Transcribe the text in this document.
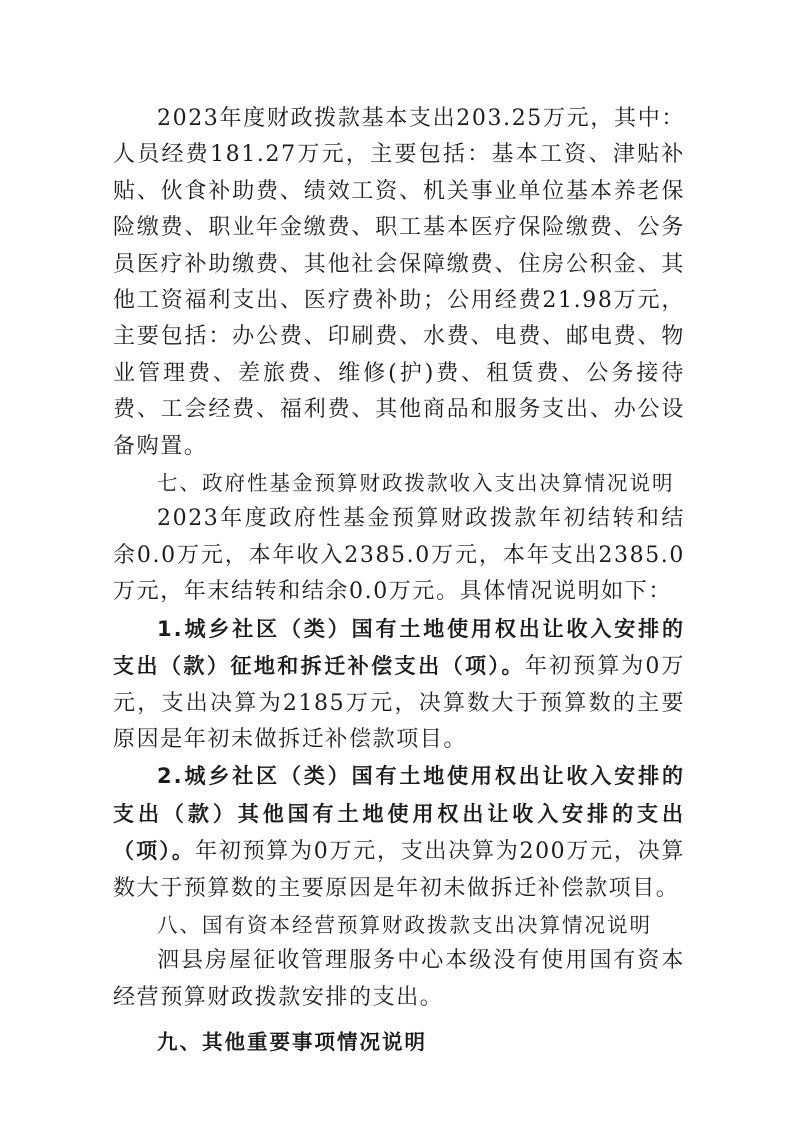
2023年度财政拨款基本支出203.25万元，其中：人员经费181.27万元，主要包括：基本工资、津贴补贴、伙食补助费、绩效工资、机关事业单位基本养老保险缴费、职业年金缴费、职工基本医疗保险缴费、公务员医疗补助缴费、其他社会保障缴费、住房公积金、其他工资福利支出、医疗费补助；公用经费21.98万元，主要包括：办公费、印刷费、水费、电费、邮电费、物业管理费、差旅费、维修(护)费、租赁费、公务接待费、工会经费、福利费、其他商品和服务支出、办公设备购置。

七、政府性基金预算财政拨款收入支出决算情况说明

2023年度政府性基金预算财政拨款年初结转和结余0.0万元，本年收入2385.0万元，本年支出2385.0万元，年末结转和结余0.0万元。具体情况说明如下：

1.城乡社区（类）国有土地使用权出让收入安排的支出（款）征地和拆迁补偿支出（项）。年初预算为0万元，支出决算为2185万元，决算数大于预算数的主要原因是年初未做拆迁补偿款项目。

2.城乡社区（类）国有土地使用权出让收入安排的支出（款）其他国有土地使用权出让收入安排的支出（项）。年初预算为0万元，支出决算为200万元，决算数大于预算数的主要原因是年初未做拆迁补偿款项目。

八、国有资本经营预算财政拨款支出决算情况说明

泗县房屋征收管理服务中心本级没有使用国有资本经营预算财政拨款安排的支出。

九、其他重要事项情况说明
